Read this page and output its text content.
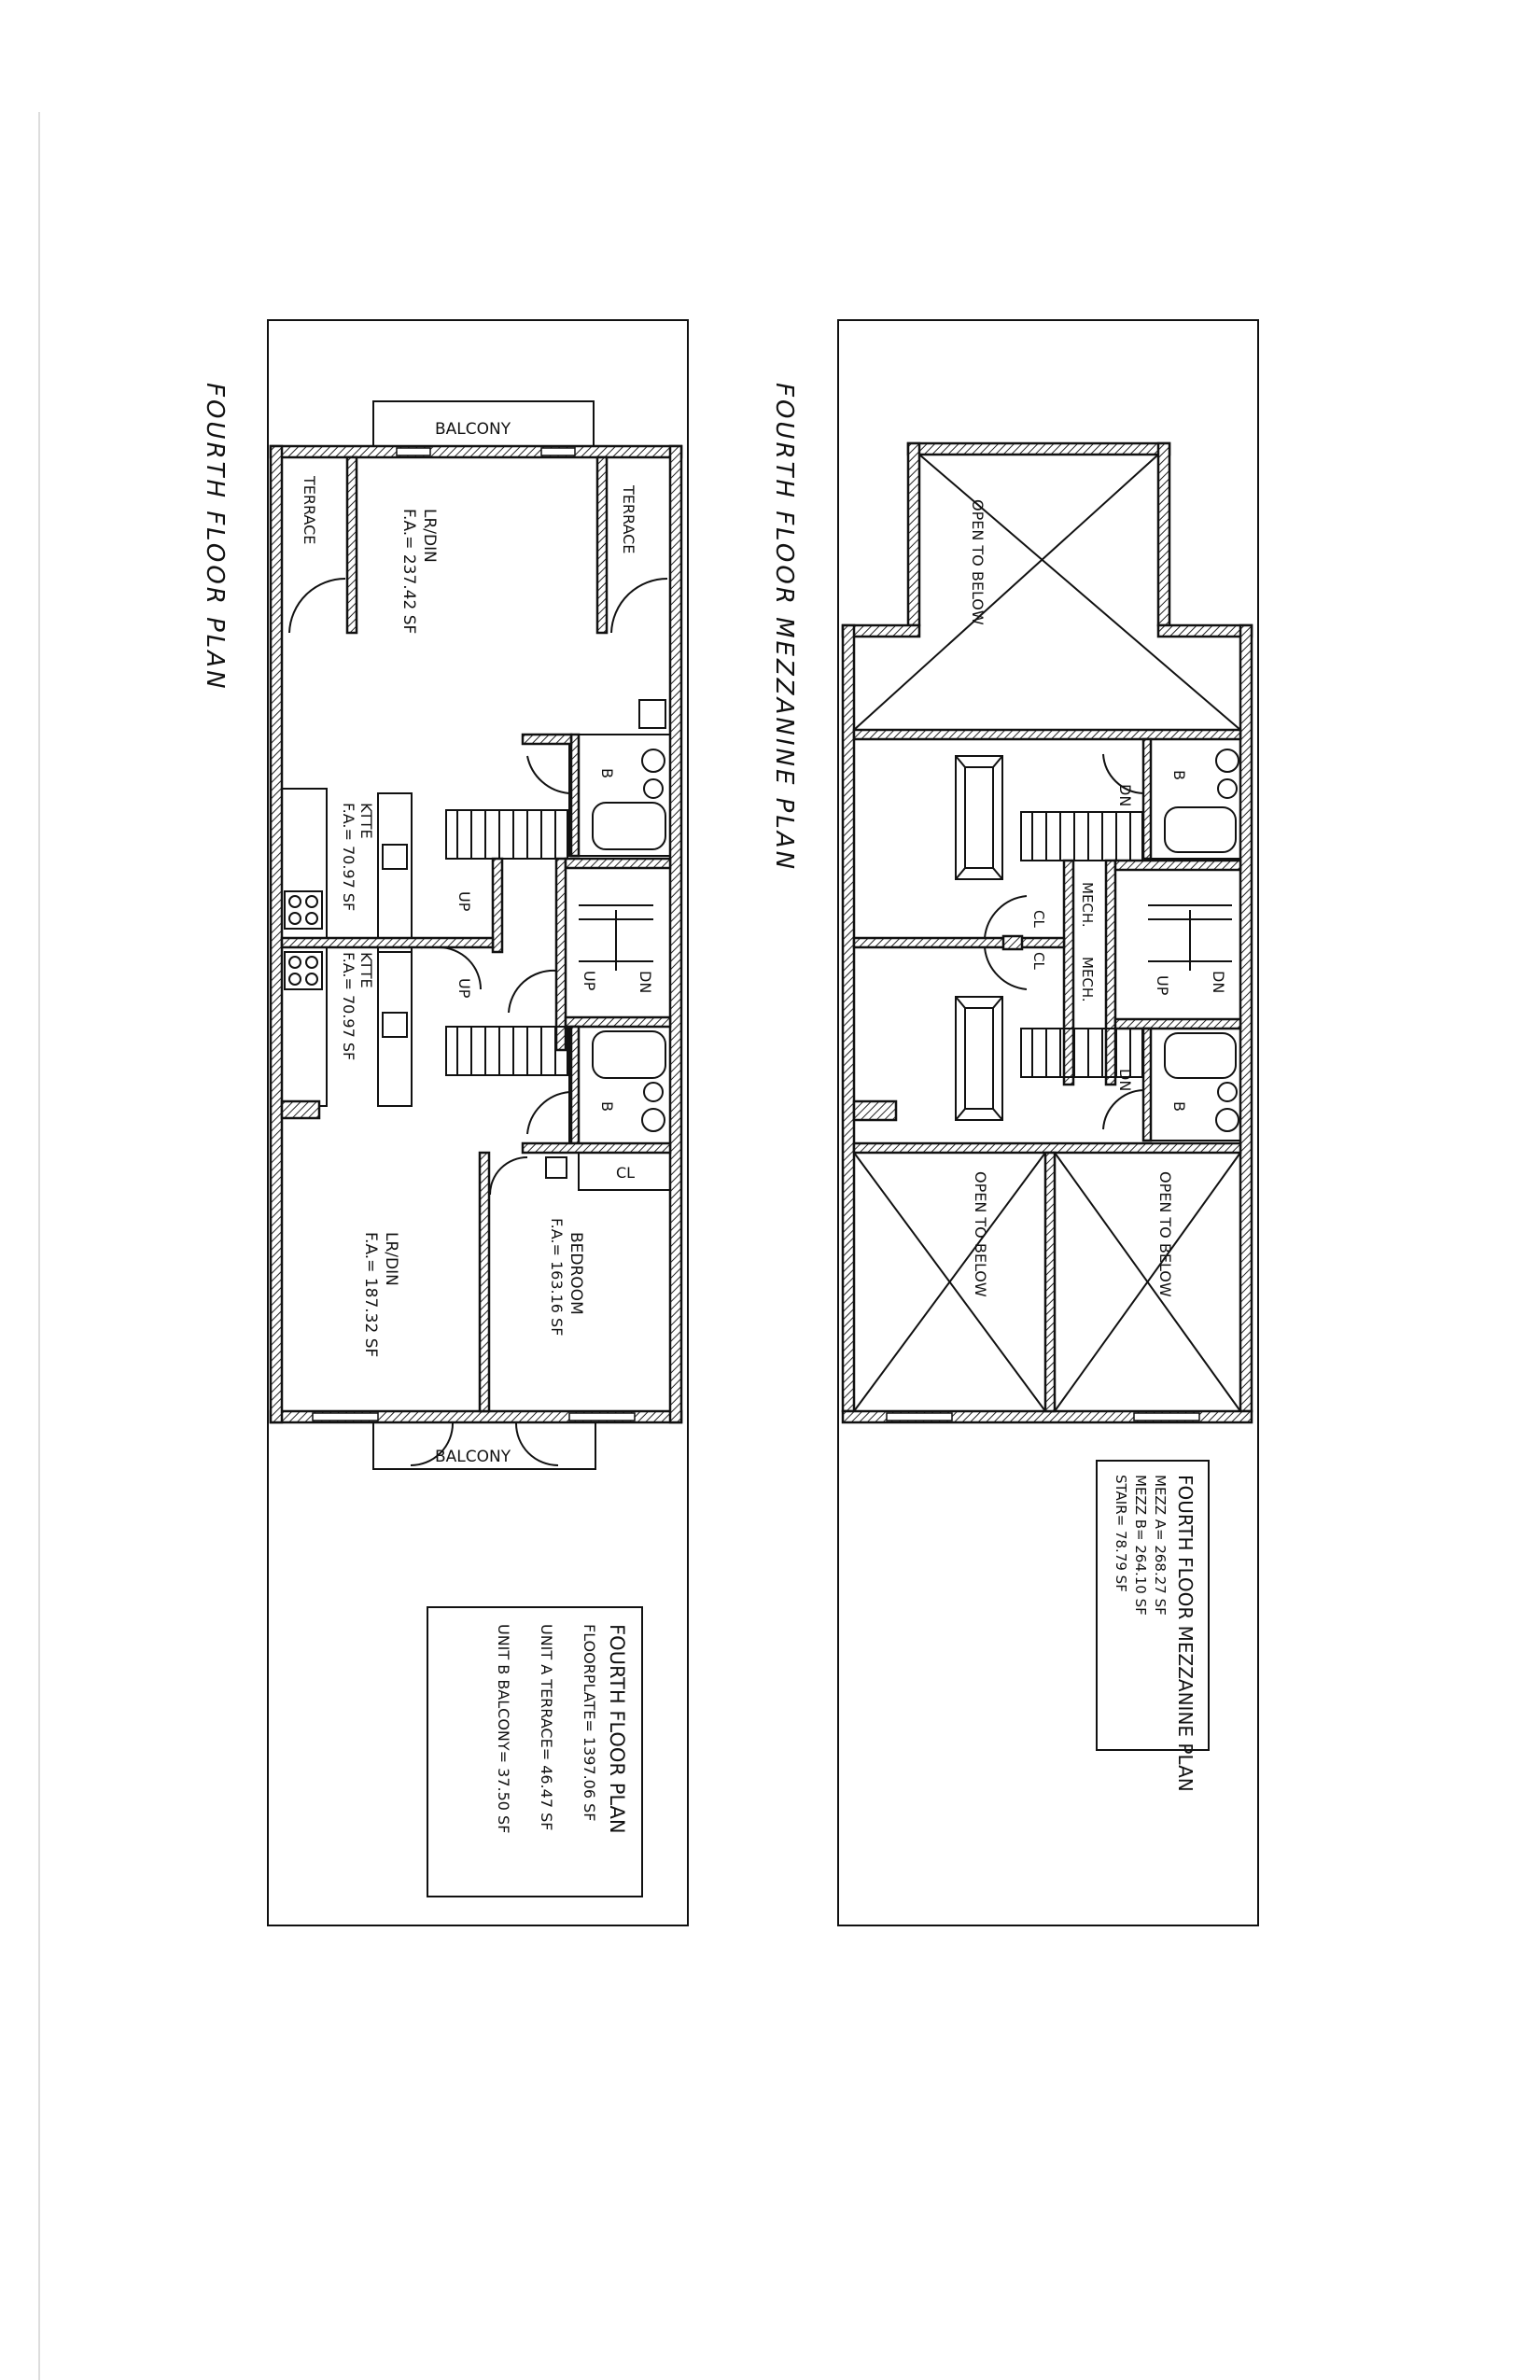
FOURTH FLOOR PLAN	BALCONY
TERRACE	TERRACE
LR/DIN
F.A.= 237.42 SF
B
KTTE
F.A.= 70.97 SF	UP
UP	DN
KTTE
F.A.= 70.97 SF	UP
B
CL
BEDROOM
F.A.= 163.16 SF
LR/DIN
F.A.= 187.32 SF
BALCONY
FOURTH FLOOR PLAN
FLOORPLATE= 1397.06 SF
UNIT A TERRACE= 46.47 SF
UNIT B BALCONY= 37.50 SF
FOURTH FLOOR MEZZANINE PLAN	OPEN TO BELOW
B
DN
CL
CL
MECH.
MECH.	UP	DN
DN
B
OPEN TO BELOW	OPEN TO BELOW
FOURTH FLOOR MEZZANINE PLAN
MEZZ A= 268.27 SF
MEZZ B= 264.10 SF
STAIR= 78.79 SF
